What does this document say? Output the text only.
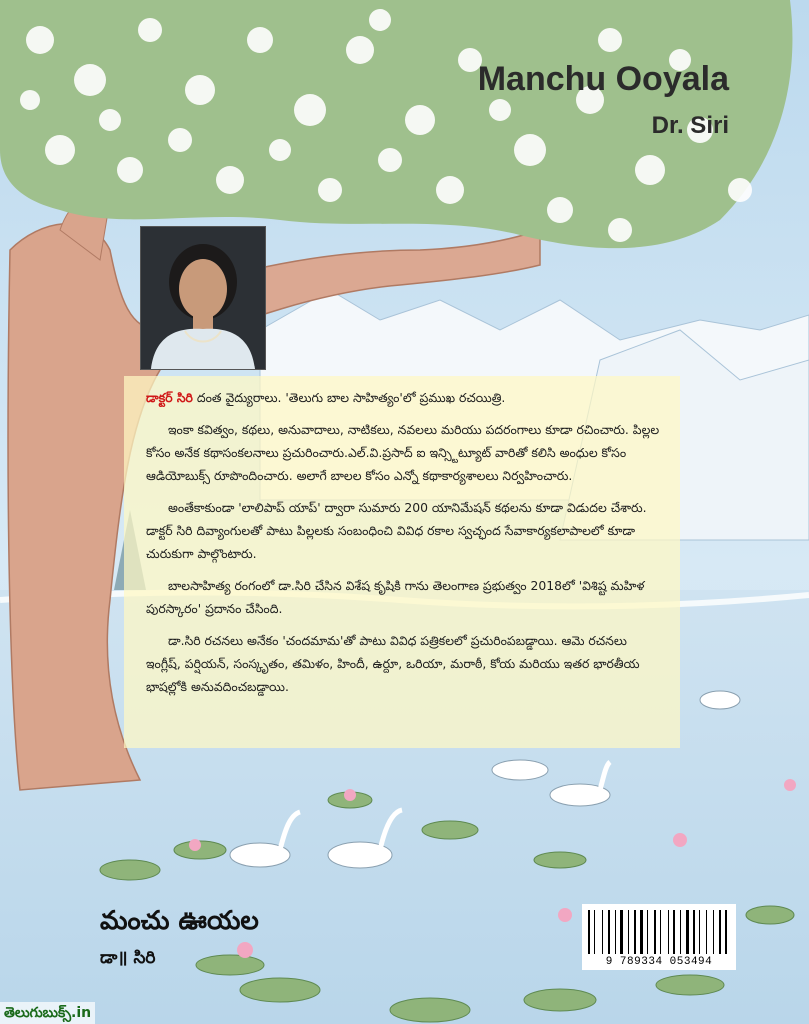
Manchu Ooyala
Dr. Siri

డాక్టర్ సిరి దంత వైద్యురాలు. 'తెలుగు బాల సాహిత్యం'లో ప్రముఖ రచయిత్రి.

ఇంకా కవిత్వం, కథలు, అనువాదాలు, నాటికలు, నవలలు మరియు పదరంగాలు కూడా రచించారు. పిల్లల కోసం అనేక కథాసంకలనాలు ప్రచురించారు.ఎల్.వి.ప్రసాద్ ఐ ఇన్స్టిట్యూట్ వారితో కలిసి అంధుల కోసం ఆడియోబుక్స్ రూపొందించారు. అలాగే బాలల కోసం ఎన్నో కథాకార్యశాలలు నిర్వహించారు.

అంతేకాకుండా 'లాలిపాప్ యాప్' ద్వారా సుమారు 200 యానిమేషన్ కథలను కూడా విడుదల చేశారు. డాక్టర్ సిరి దివ్యాంగులతో పాటు పిల్లలకు సంబంధించి వివిధ రకాల స్వచ్ఛంద సేవాకార్యకలాపాలలో కూడా చురుకుగా పాల్గొంటారు.

బాలసాహిత్య రంగంలో డా.సిరి చేసిన విశేష కృషికి గాను తెలంగాణ ప్రభుత్వం 2018లో 'విశిష్ట మహిళ పురస్కారం' ప్రదానం చేసింది.

డా.సిరి రచనలు అనేకం 'చందమామ'తో పాటు వివిధ పత్రికలలో ప్రచురింపబడ్డాయి. ఆమె రచనలు ఇంగ్లీష్, పర్షియన్, సంస్కృతం, తమిళం, హిందీ, ఉర్దూ, ఒరియా, మరాఠీ, కోయ మరియు ఇతర భారతీయ భాషల్లోకి అనువదించబడ్డాయి.

మంచు ఊయల
డా॥ సిరి	9 789334 053494
తెలుగుబుక్స్.in
